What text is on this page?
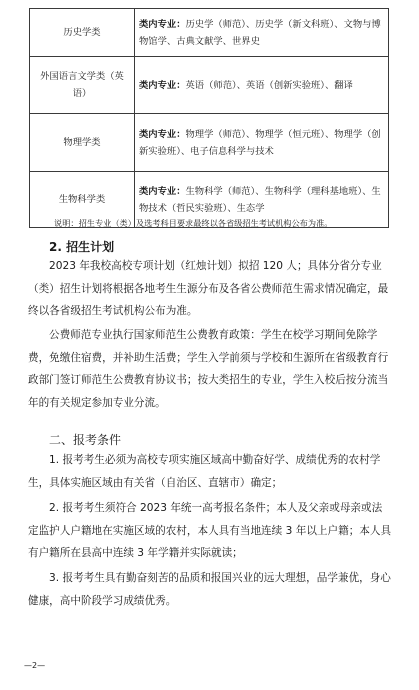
历史学类	类内专业：历史学（师范）、历史学（新文科班）、文物与博物馆学、古典文献学、世界史
外国语言文学类（英语）	类内专业：英语（师范）、英语（创新实验班）、翻译
物理学类	类内专业：物理学（师范）、物理学（恒元班）、物理学（创新实验班）、电子信息科学与技术
生物科学类	类内专业：生物科学（师范）、生物科学（理科基地班）、生物技术（哲民实验班）、生态学
说明：招生专业（类）及选考科目要求最终以各省级招生考试机构公布为准。
2. 招生计划

2023 年我校高校专项计划（红烛计划）拟招 120 人；具体分省分专业（类）招生计划将根据各地考生生源分布及各省公费师范生需求情况确定，最终以各省级招生考试机构公布为准。

公费师范专业执行国家师范生公费教育政策：学生在校学习期间免除学费，免缴住宿费，并补助生活费；学生入学前须与学校和生源所在省级教育行政部门签订师范生公费教育协议书；按大类招生的专业，学生入校后按分流当年的有关规定参加专业分流。

二、报考条件

1. 报考考生必须为高校专项实施区域高中勤奋好学、成绩优秀的农村学生，具体实施区域由有关省（自治区、直辖市）确定；

2. 报考考生须符合 2023 年统一高考报名条件；本人及父亲或母亲或法定监护人户籍地在实施区域的农村，本人具有当地连续 3 年以上户籍；本人具有户籍所在县高中连续 3 年学籍并实际就读；

3. 报考考生具有勤奋刻苦的品质和报国兴业的远大理想，品学兼优，身心健康，高中阶段学习成绩优秀。

—2—
